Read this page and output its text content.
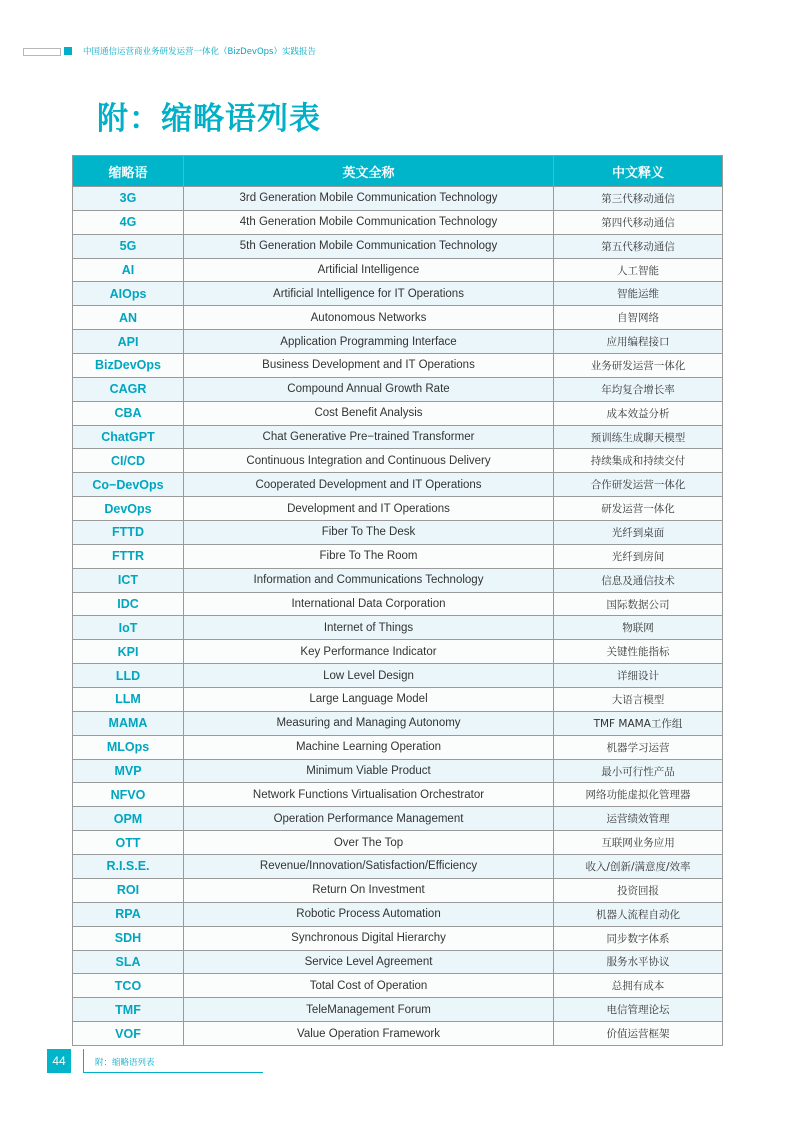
中国通信运营商业务研发运营一体化（BizDevOps）实践报告
附：缩略语列表
缩略语	英文全称	中文释义
3G	3rd Generation Mobile Communication Technology	第三代移动通信
4G	4th Generation Mobile Communication Technology	第四代移动通信
5G	5th Generation Mobile Communication Technology	第五代移动通信
AI	Artificial Intelligence	人工智能
AIOps	Artificial Intelligence for IT Operations	智能运维
AN	Autonomous Networks	自智网络
API	Application Programming Interface	应用编程接口
BizDevOps	Business Development and IT Operations	业务研发运营一体化
CAGR	Compound Annual Growth Rate	年均复合增长率
CBA	Cost Benefit Analysis	成本效益分析
ChatGPT	Chat Generative Pre−trained Transformer	预训练生成聊天模型
CI/CD	Continuous Integration and Continuous Delivery	持续集成和持续交付
Co−DevOps	Cooperated Development and IT Operations	合作研发运营一体化
DevOps	Development and IT Operations	研发运营一体化
FTTD	Fiber To The Desk	光纤到桌面
FTTR	Fibre To The Room	光纤到房间
ICT	Information and Communications Technology	信息及通信技术
IDC	International Data Corporation	国际数据公司
IoT	Internet of Things	物联网
KPI	Key Performance Indicator	关键性能指标
LLD	Low Level Design	详细设计
LLM	Large Language Model	大语言模型
MAMA	Measuring and Managing Autonomy	TMF MAMA工作组
MLOps	Machine Learning Operation	机器学习运营
MVP	Minimum Viable Product	最小可行性产品
NFVO	Network Functions Virtualisation Orchestrator	网络功能虚拟化管理器
OPM	Operation Performance Management	运营绩效管理
OTT	Over The Top	互联网业务应用
R.I.S.E.	Revenue/Innovation/Satisfaction/Efficiency	收入/创新/满意度/效率
ROI	Return On Investment	投资回报
RPA	Robotic Process Automation	机器人流程自动化
SDH	Synchronous Digital Hierarchy	同步数字体系
SLA	Service Level Agreement	服务水平协议
TCO	Total Cost of Operation	总拥有成本
TMF	TeleManagement Forum	电信管理论坛
VOF	Value Operation Framework	价值运营框架
44	附：缩略语列表
